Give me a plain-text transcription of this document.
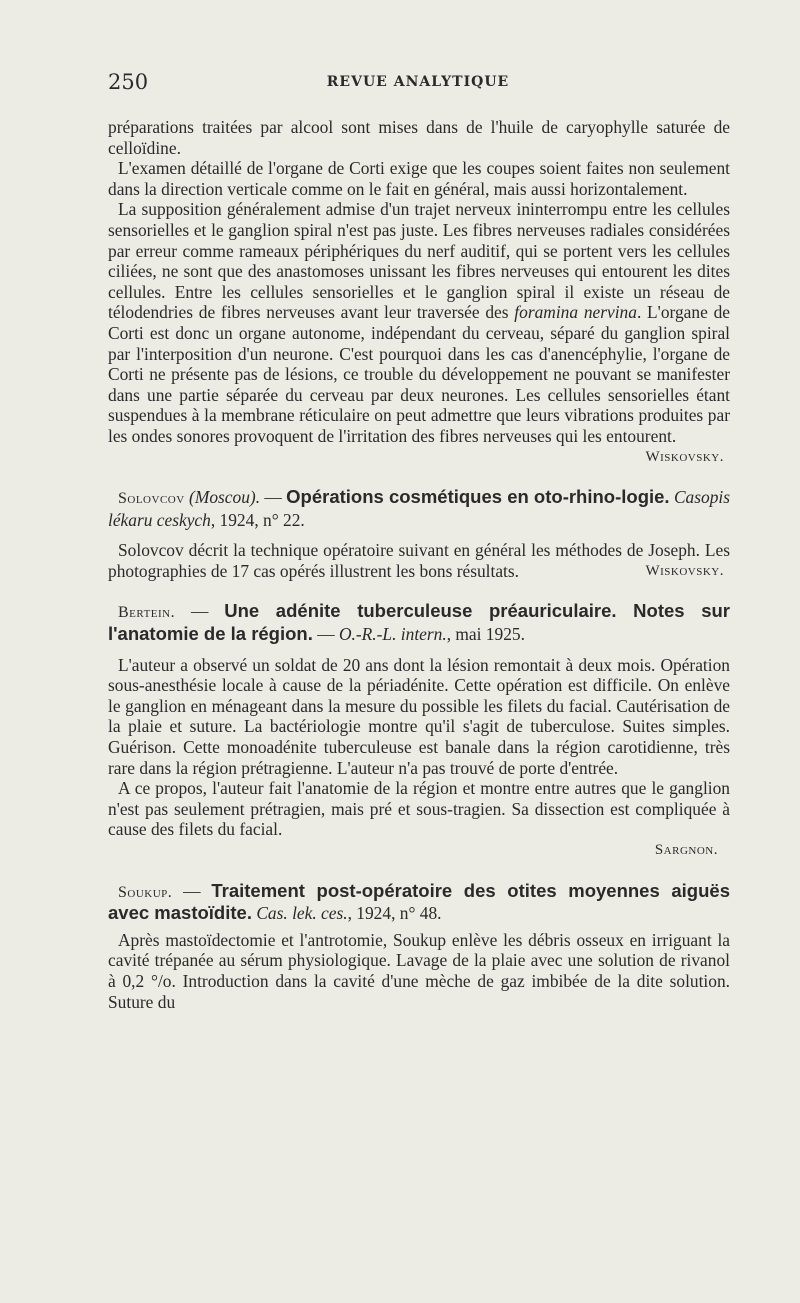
250	REVUE ANALYTIQUE

préparations traitées par alcool sont mises dans de l'huile de caryophylle saturée de celloïdine.

L'examen détaillé de l'organe de Corti exige que les coupes soient faites non seulement dans la direction verticale comme on le fait en général, mais aussi horizontalement.

La supposition généralement admise d'un trajet nerveux ininterrompu entre les cellules sensorielles et le ganglion spiral n'est pas juste. Les fibres nerveuses radiales considérées par erreur comme rameaux périphériques du nerf auditif, qui se portent vers les cellules ciliées, ne sont que des anastomoses unissant les fibres nerveuses qui entourent les dites cellules. Entre les cellules sensorielles et le ganglion spiral il existe un réseau de télodendries de fibres nerveuses avant leur traversée des foramina nervina. L'organe de Corti est donc un organe autonome, indépendant du cerveau, séparé du ganglion spiral par l'interposition d'un neurone. C'est pourquoi dans les cas d'anencéphylie, l'organe de Corti ne présente pas de lésions, ce trouble du développement ne pouvant se manifester dans une partie séparée du cerveau par deux neurones. Les cellules sensorielles étant suspendues à la membrane réticulaire on peut admettre que leurs vibrations produites par les ondes sonores provoquent de l'irritation des fibres nerveuses qui les entourent.
Wiskovsky.

Solovcov (Moscou). — Opérations cosmétiques en oto-rhino-logie. Casopis lékaru ceskych, 1924, n° 22.

Solovcov décrit la technique opératoire suivant en général les méthodes de Joseph. Les photographies de 17 cas opérés illustrent les bons résultats.	Wiskovsky.

Bertein. — Une adénite tuberculeuse préauriculaire. Notes sur l'anatomie de la région. — O.-R.-L. intern., mai 1925.

L'auteur a observé un soldat de 20 ans dont la lésion remontait à deux mois. Opération sous-anesthésie locale à cause de la périadénite. Cette opération est difficile. On enlève le ganglion en ménageant dans la mesure du possible les filets du facial. Cautérisation de la plaie et suture. La bactériologie montre qu'il s'agit de tuberculose. Suites simples. Guérison. Cette monoadénite tuberculeuse est banale dans la région carotidienne, très rare dans la région prétragienne. L'auteur n'a pas trouvé de porte d'entrée.

A ce propos, l'auteur fait l'anatomie de la région et montre entre autres que le ganglion n'est pas seulement prétragien, mais pré et sous-tragien. Sa dissection est compliquée à cause des filets du facial.

Sargnon.

Soukup. — Traitement post-opératoire des otites moyennes aiguës avec mastoïdite. Cas. lek. ces., 1924, n° 48.

Après mastoïdectomie et l'antrotomie, Soukup enlève les débris osseux en irriguant la cavité trépanée au sérum physiologique. Lavage de la plaie avec une solution de rivanol à 0,2 °/o. Introduction dans la cavité d'une mèche de gaz imbibée de la dite solution. Suture du
